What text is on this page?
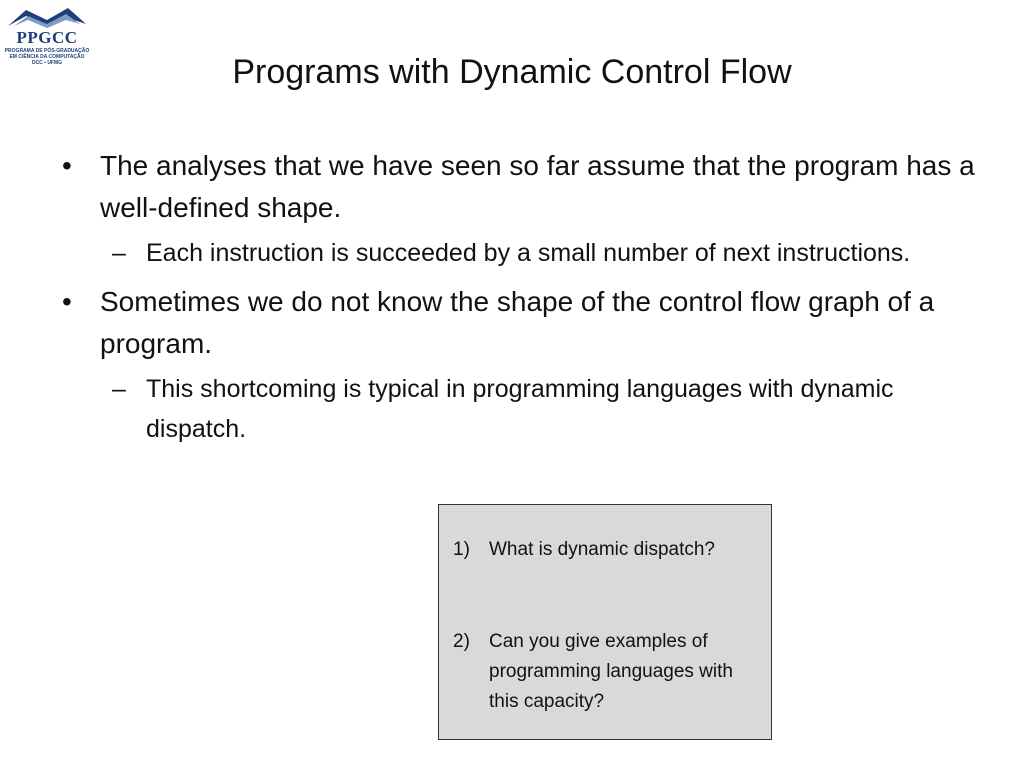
PPGCC
PROGRAMA DE PÓS-GRADUAÇÃO
EM CIÊNCIA DA COMPUTAÇÃO
DCC • UFMG	Programs with Dynamic Control Flow
• The analyses that we have seen so far assume that the program has a well-defined shape.
– Each instruction is succeeded by a small number of next instructions.
• Sometimes we do not know the shape of the control flow graph of a program.
– This shortcoming is typical in programming languages with dynamic dispatch.
1)	What is dynamic dispatch?
2)	Can you give examples of programming languages with this capacity?
